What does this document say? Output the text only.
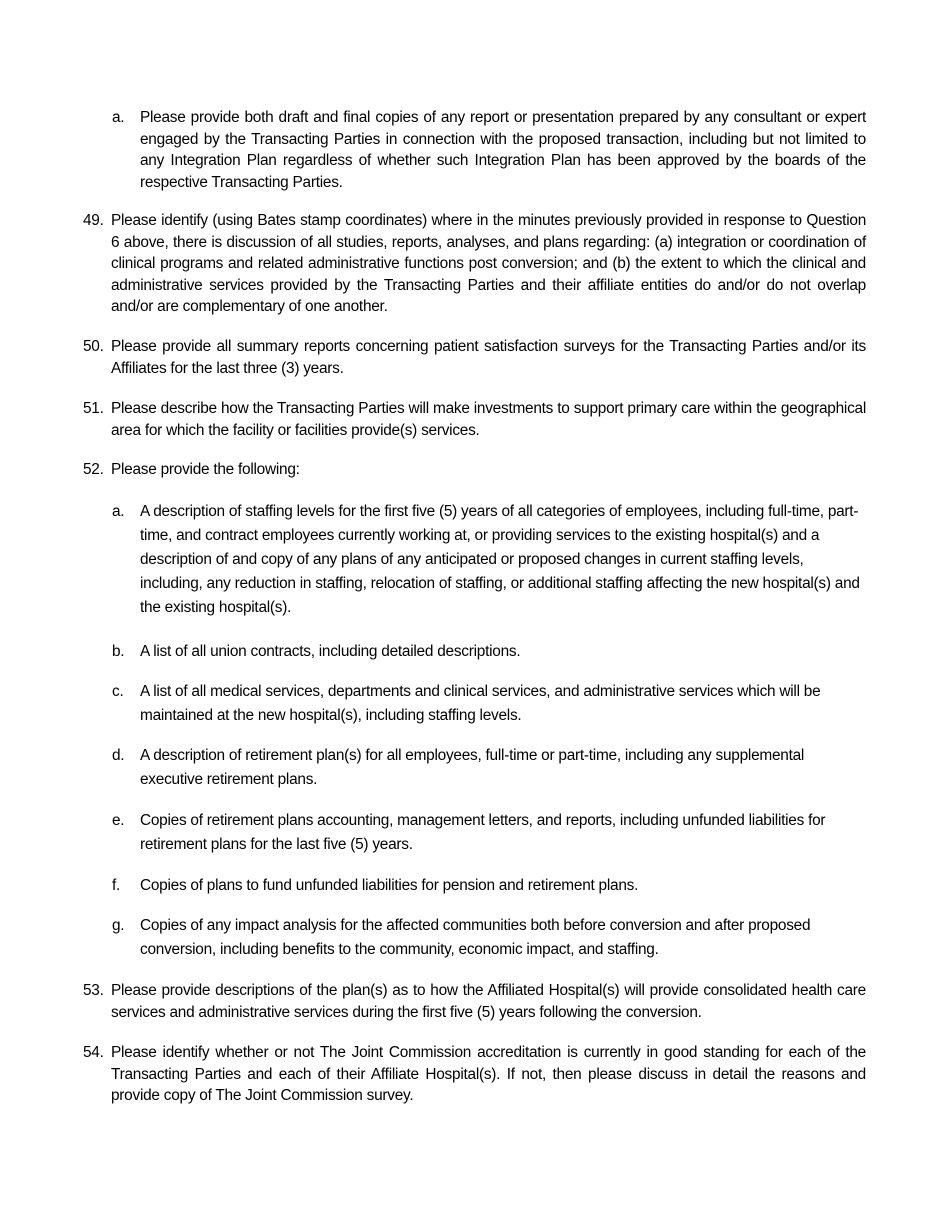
a. Please provide both draft and final copies of any report or presentation prepared by any consultant or expert engaged by the Transacting Parties in connection with the proposed transaction, including but not limited to any Integration Plan regardless of whether such Integration Plan has been approved by the boards of the respective Transacting Parties.
49. Please identify (using Bates stamp coordinates) where in the minutes previously provided in response to Question 6 above, there is discussion of all studies, reports, analyses, and plans regarding: (a) integration or coordination of clinical programs and related administrative functions post conversion; and (b) the extent to which the clinical and administrative services provided by the Transacting Parties and their affiliate entities do and/or do not overlap and/or are complementary of one another.
50. Please provide all summary reports concerning patient satisfaction surveys for the Transacting Parties and/or its Affiliates for the last three (3) years.
51. Please describe how the Transacting Parties will make investments to support primary care within the geographical area for which the facility or facilities provide(s) services.
52. Please provide the following:
a. A description of staffing levels for the first five (5) years of all categories of employees, including full-time, part-time, and contract employees currently working at, or providing services to the existing hospital(s) and a description of and copy of any plans of any anticipated or proposed changes in current staffing levels, including, any reduction in staffing, relocation of staffing, or additional staffing affecting the new hospital(s) and the existing hospital(s).
b. A list of all union contracts, including detailed descriptions.
c. A list of all medical services, departments and clinical services, and administrative services which will be maintained at the new hospital(s), including staffing levels.
d. A description of retirement plan(s) for all employees, full-time or part-time, including any supplemental executive retirement plans.
e. Copies of retirement plans accounting, management letters, and reports, including unfunded liabilities for retirement plans for the last five (5) years.
f. Copies of plans to fund unfunded liabilities for pension and retirement plans.
g. Copies of any impact analysis for the affected communities both before conversion and after proposed conversion, including benefits to the community, economic impact, and staffing.
53. Please provide descriptions of the plan(s) as to how the Affiliated Hospital(s) will provide consolidated health care services and administrative services during the first five (5) years following the conversion.
54. Please identify whether or not The Joint Commission accreditation is currently in good standing for each of the Transacting Parties and each of their Affiliate Hospital(s). If not, then please discuss in detail the reasons and provide copy of The Joint Commission survey.
